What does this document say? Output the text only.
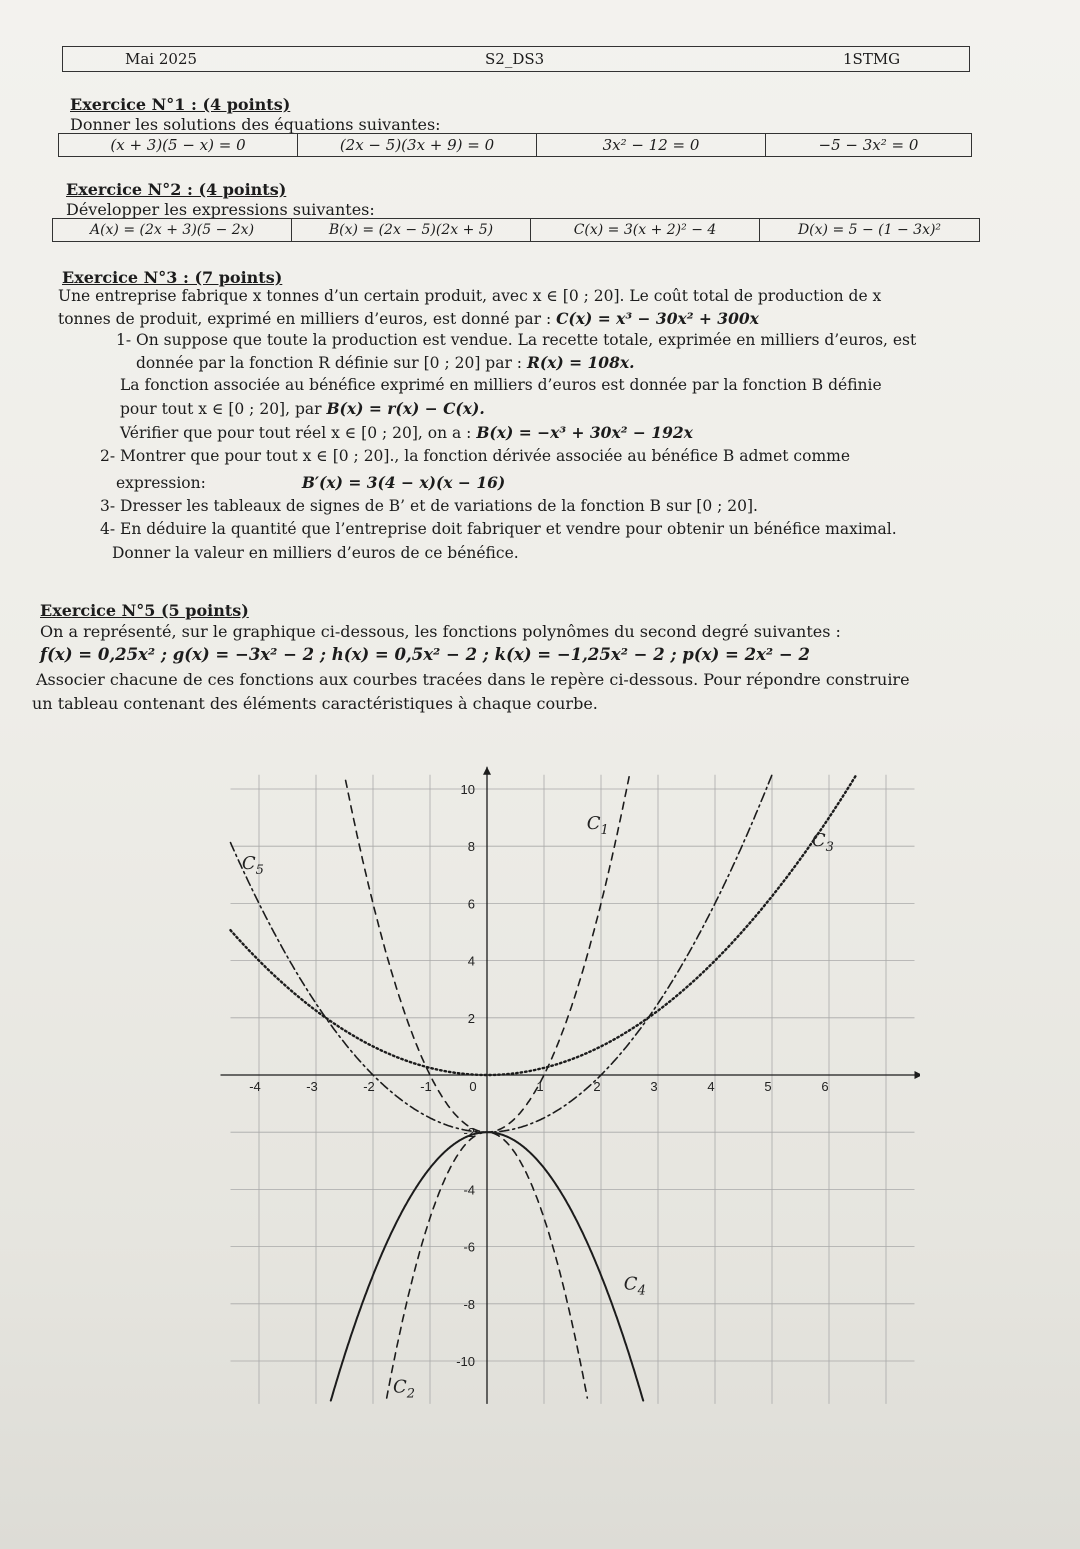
Mai 2025	S2_DS3	1STMG
Exercice N°1 : (4 points)
Donner les solutions des équations suivantes:
(x + 3)(5 − x) = 0	(2x − 5)(3x + 9) = 0	3x² − 12 = 0	−5 − 3x² = 0
Exercice N°2 : (4 points)
Développer les expressions suivantes:
A(x) = (2x + 3)(5 − 2x)	B(x) = (2x − 5)(2x + 5)	C(x) = 3(x + 2)² − 4	D(x) = 5 − (1 − 3x)²
Exercice N°3 : (7 points)
Une entreprise fabrique x tonnes d’un certain produit, avec x ∈ [0 ; 20]. Le coût total de production de x
tonnes de produit, exprimé en milliers d’euros, est donné par : C(x) = x³ − 30x² + 300x
1- On suppose que toute la production est vendue. La recette totale, exprimée en milliers d’euros, est
donnée par la fonction R définie sur [0 ; 20] par : R(x) = 108x.
La fonction associée au bénéfice exprimé en milliers d’euros est donnée par la fonction B définie
pour tout x ∈ [0 ; 20], par B(x) = r(x) − C(x).
Vérifier que pour tout réel x ∈ [0 ; 20], on a : B(x) = −x³ + 30x² − 192x
2- Montrer que pour tout x ∈ [0 ; 20]., la fonction dérivée associée au bénéfice B admet comme
expression:	B′(x) = 3(4 − x)(x − 16)
3- Dresser les tableaux de signes de B’ et de variations de la fonction B sur [0 ; 20].
4- En déduire la quantité que l’entreprise doit fabriquer et vendre pour obtenir un bénéfice maximal.
Donner la valeur en milliers d’euros de ce bénéfice.
Exercice N°5 (5 points)
On a représenté, sur le graphique ci-dessous, les fonctions polynômes du second degré suivantes :
f(x) = 0,25x² ; g(x) = −3x² − 2 ; h(x) = 0,5x² − 2 ; k(x) = −1,25x² − 2 ; p(x) = 2x² − 2
Associer chacune de ces fonctions aux courbes tracées dans le repère ci-dessous. Pour répondre construire
un tableau contenant des éléments caractéristiques à chaque courbe.
-4	-3	-2	-1	0	1	2	3	4	5	6
10
8
6
4
2
-2
-4
-6
-8
-10
$C_1$
$C_2$
$C_3$
$C_4$
$C_5$
